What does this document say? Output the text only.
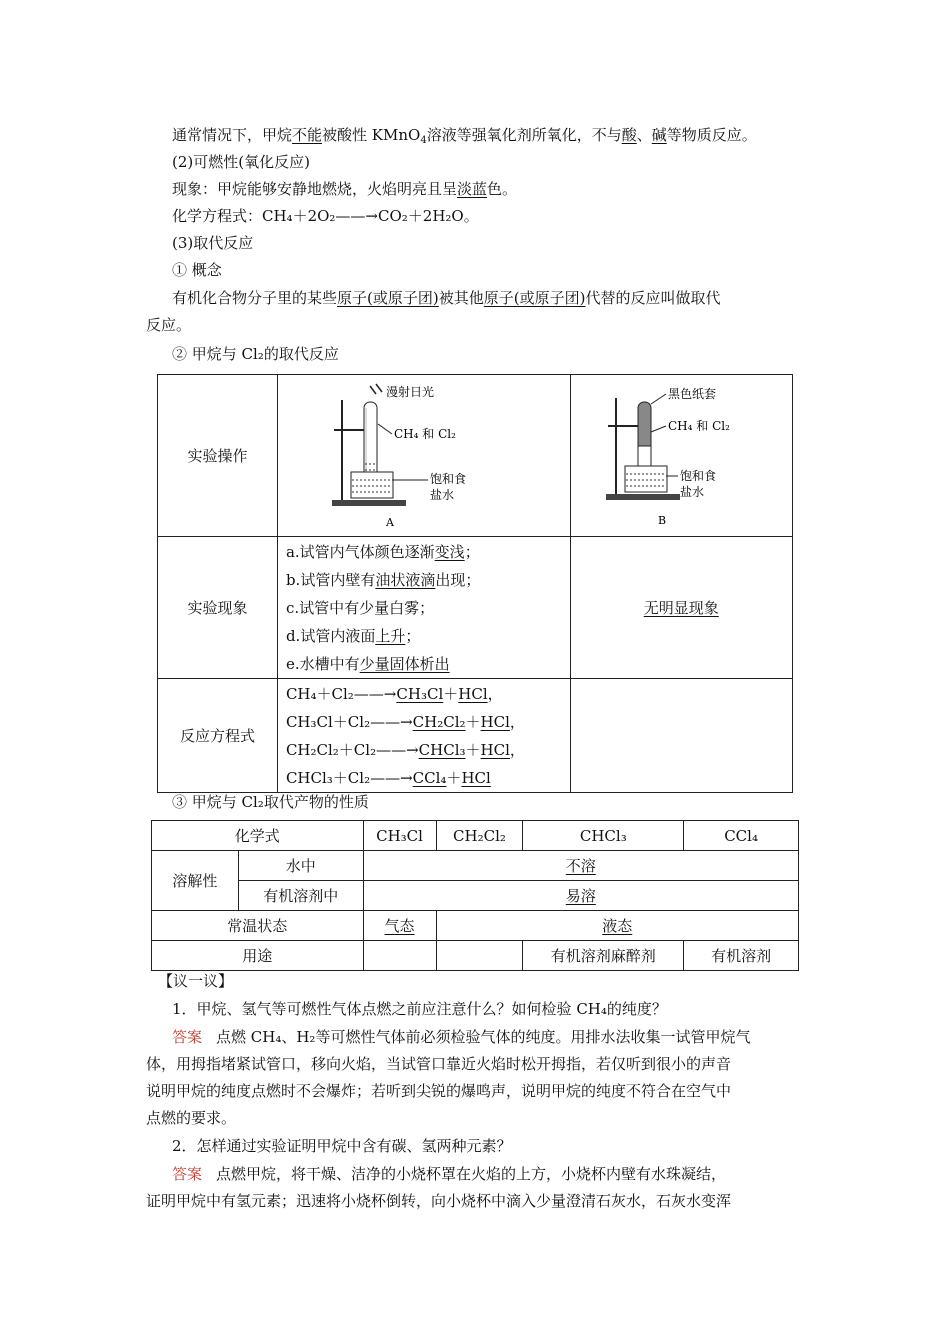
通常情况下，甲烷不能被酸性 KMnO$_4$溶液等强氧化剂所氧化，不与酸、碱等物质反应。
(2)可燃性(氧化反应)
现象：甲烷能够安静地燃烧，火焰明亮且呈淡蓝色。
化学方程式：CH₄＋2O₂——→CO₂＋2H₂O。
(3)取代反应
① 概念
有机化合物分子里的某些原子(或原子团)被其他原子(或原子团)代替的反应叫做取代
反应。
② 甲烷与 Cl₂的取代反应
实验操作	漫射日光
CH₄ 和 Cl₂
饱和食
盐水
A	黑色纸套
CH₄ 和 Cl₂
饱和食
盐水
B

实验现象	a.试管内气体颜色逐渐变浅；
b.试管内壁有油状液滴出现；
c.试管中有少量白雾；
d.试管内液面上升；
e.水槽中有少量固体析出	无明显现象
反应方程式	CH₄＋Cl₂——→CH₃Cl＋HCl，
CH₃Cl＋Cl₂——→CH₂Cl₂＋HCl，
CH₂Cl₂＋Cl₂——→CHCl₃＋HCl，
CHCl₃＋Cl₂——→CCl₄＋HCl	

③ 甲烷与 Cl₂取代产物的性质
化学式		CH₃Cl	CH₂Cl₂	CHCl₃	CCl₄
溶解性	水中	不溶			
	有机溶剂中	易溶			
常温状态		气态	液态		
用途				有机溶剂麻醉剂	有机溶剂
【议一议】
1．甲烷、氢气等可燃性气体点燃之前应注意什么？如何检验 CH₄的纯度？
答案 点燃 CH₄、H₂等可燃性气体前必须检验气体的纯度。用排水法收集一试管甲烷气
体，用拇指堵紧试管口，移向火焰，当试管口靠近火焰时松开拇指，若仅听到很小的声音
说明甲烷的纯度点燃时不会爆炸；若听到尖锐的爆鸣声，说明甲烷的纯度不符合在空气中
点燃的要求。
2．怎样通过实验证明甲烷中含有碳、氢两种元素？
答案 点燃甲烷，将干燥、洁净的小烧杯罩在火焰的上方，小烧杯内壁有水珠凝结，
证明甲烷中有氢元素；迅速将小烧杯倒转，向小烧杯中滴入少量澄清石灰水，石灰水变浑
